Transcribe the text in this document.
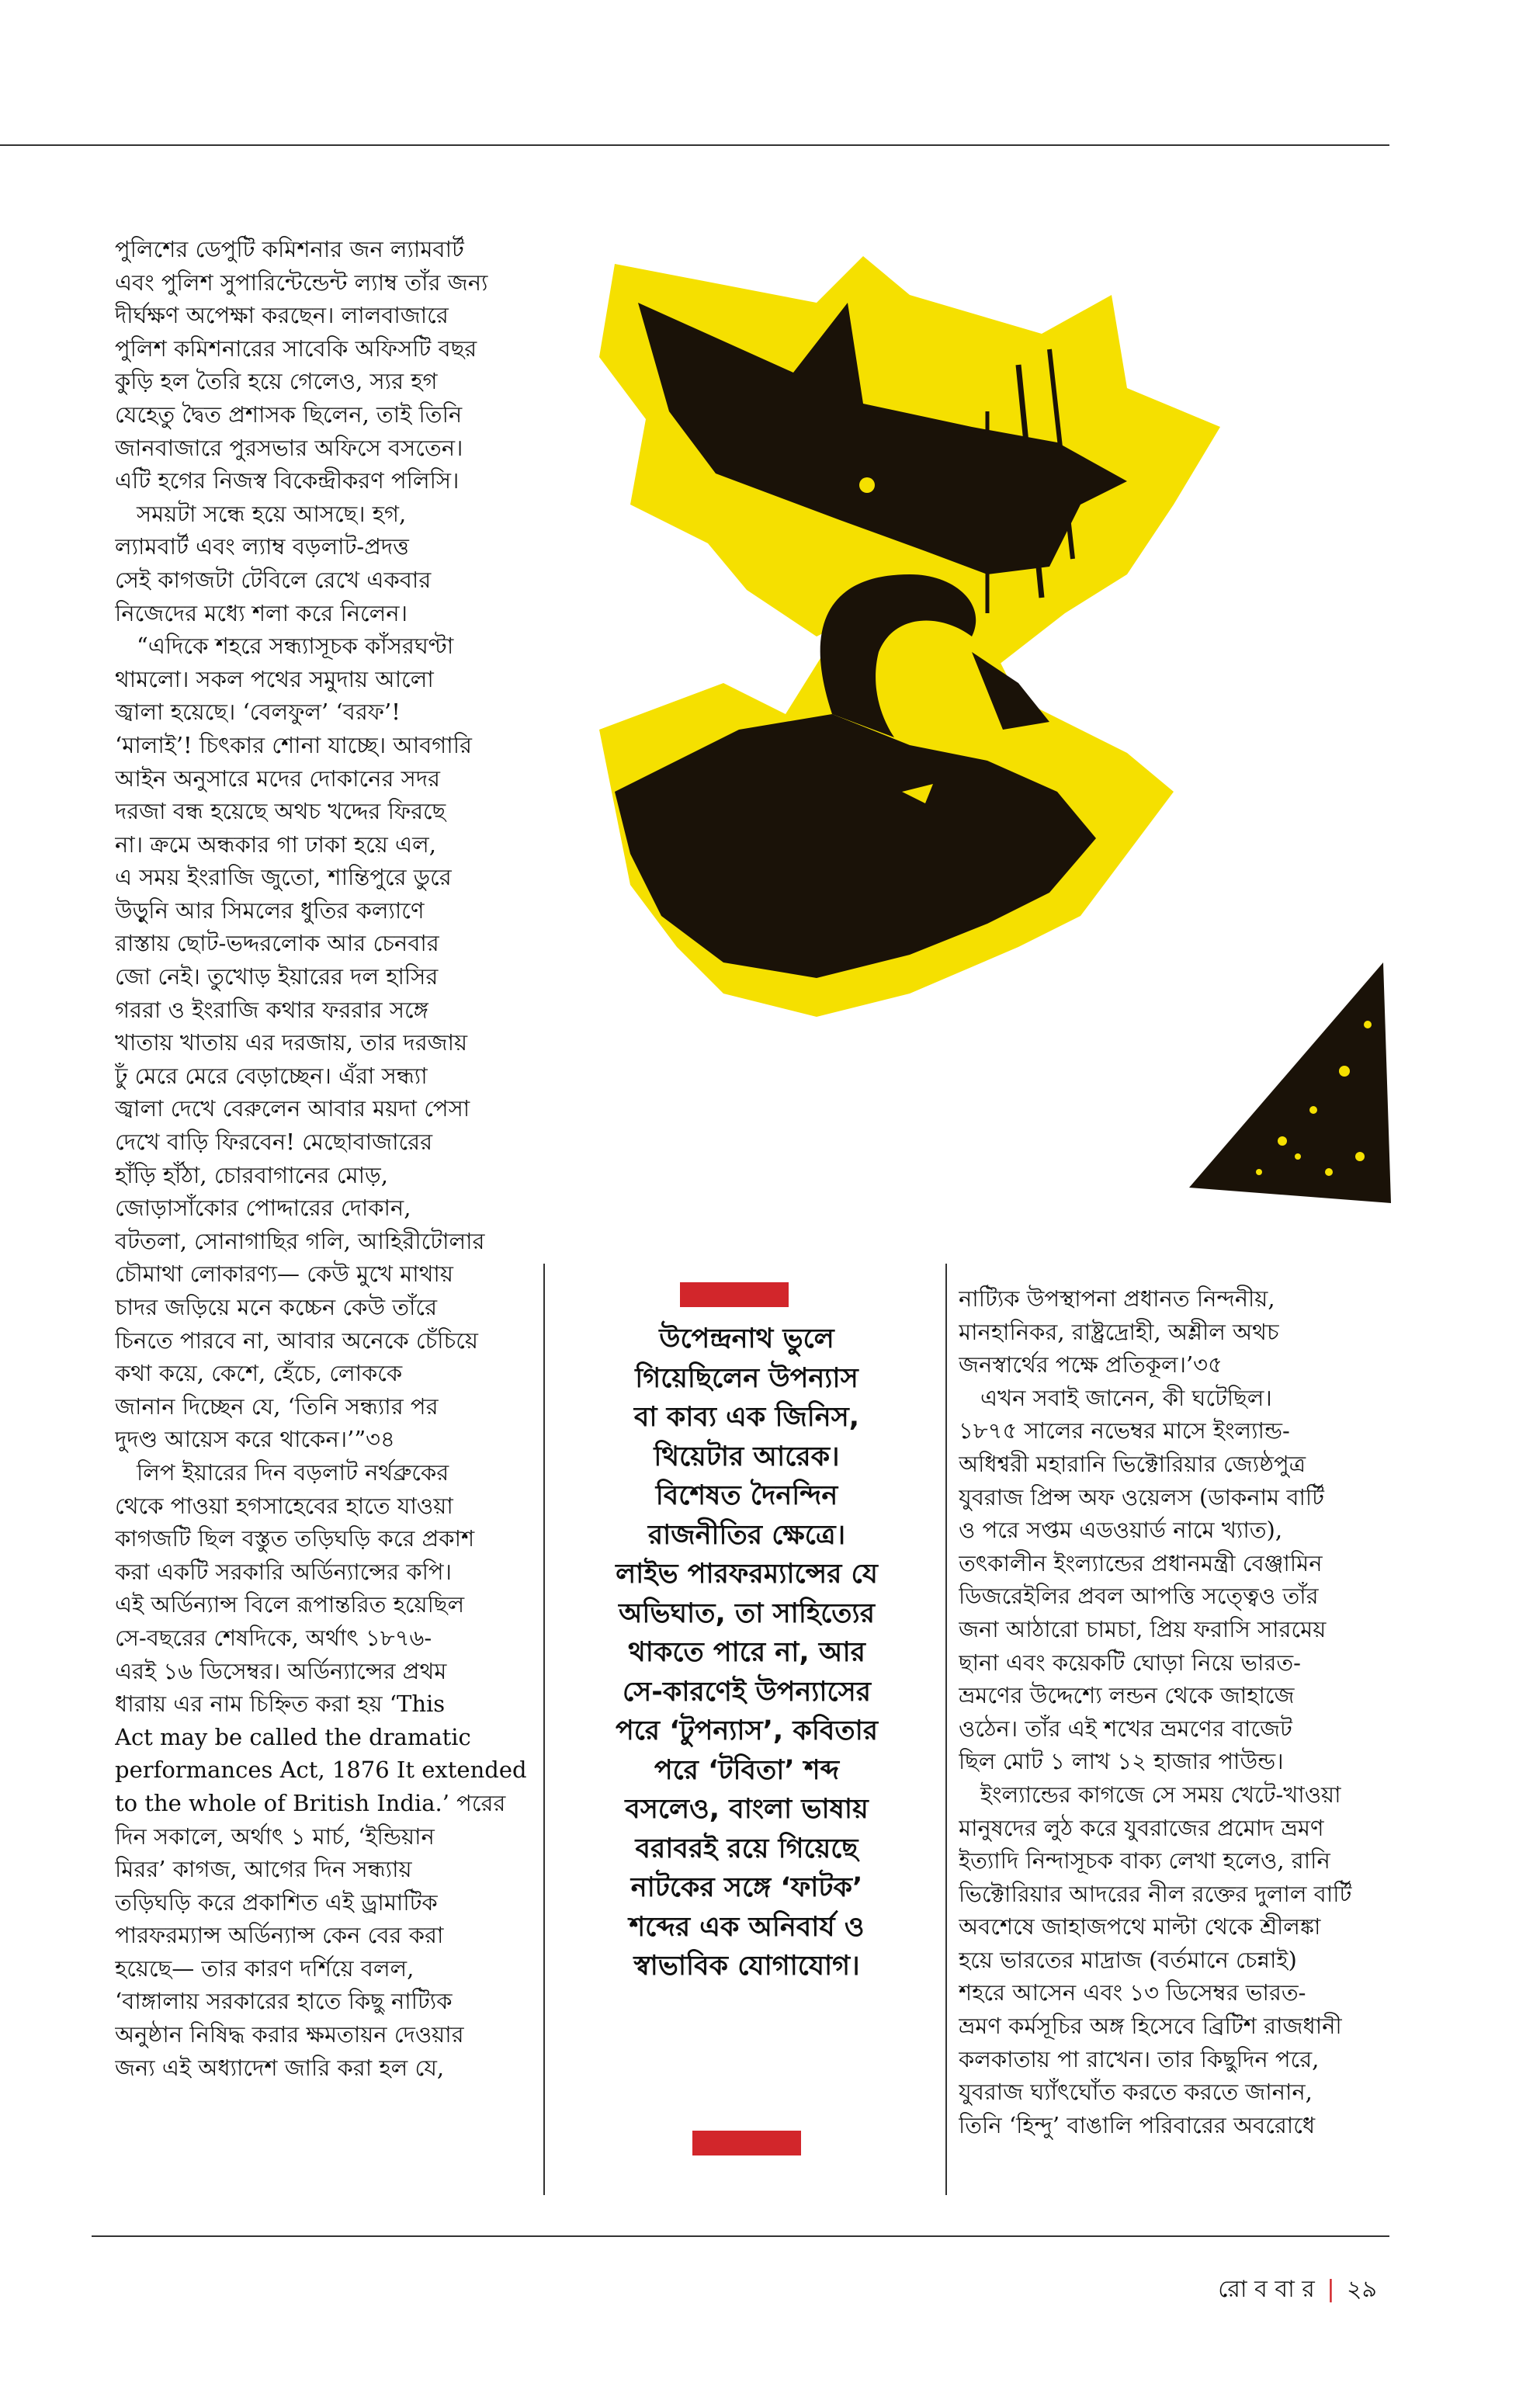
পুলিশের ডেপুটি কমিশনার জন ল্যামবার্ট
এবং পুলিশ সুপারিন্টেন্ডেন্ট ল্যাম্ব তাঁর জন্য
দীর্ঘক্ষণ অপেক্ষা করছেন। লালবাজারে
পুলিশ কমিশনারের সাবেকি অফিসটি বছর
কুড়ি হল তৈরি হয়ে গেলেও, স্যর হগ
যেহেতু দ্বৈত প্রশাসক ছিলেন, তাই তিনি
জানবাজারে পুরসভার অফিসে বসতেন।
এটি হগের নিজস্ব বিকেন্দ্রীকরণ পলিসি।
সময়টা সন্ধে হয়ে আসছে। হগ,
ল্যামবার্ট এবং ল্যাম্ব বড়লাট-প্রদত্ত
সেই কাগজটা টেবিলে রেখে একবার
নিজেদের মধ্যে শলা করে নিলেন।
“এদিকে শহরে সন্ধ্যাসূচক কাঁসরঘণ্টা
থামলো। সকল পথের সমুদায় আলো
জ্বালা হয়েছে। ‘বেলফুল’ ‘বরফ’!
‘মালাই’! চিৎকার শোনা যাচ্ছে। আবগারি
আইন অনুসারে মদের দোকানের সদর
দরজা বন্ধ হয়েছে অথচ খদ্দের ফিরছে
না। ক্রমে অন্ধকার গা ঢাকা হয়ে এল,
এ সময় ইংরাজি জুতো, শান্তিপুরে ডুরে
উড়ুনি আর সিমলের ধুতির কল্যাণে
রাস্তায় ছোট-ভদ্দরলোক আর চেনবার
জো নেই। তুখোড় ইয়ারের দল হাসির
গররা ও ইংরাজি কথার ফররার সঙ্গে
খাতায় খাতায় এর দরজায়, তার দরজায়
ঢুঁ মেরে মেরে বেড়াচ্ছেন। এঁরা সন্ধ্যা
জ্বালা দেখে বেরুলেন আবার ময়দা পেসা
দেখে বাড়ি ফিরবেন! মেছোবাজারের
হাঁড়ি হাঁঠা, চোরবাগানের মোড়,
জোড়াসাঁকোর পোদ্দারের দোকান,
বটতলা, সোনাগাছির গলি, আহিরীটোলার
চৌমাথা লোকারণ্য— কেউ মুখে মাথায়
চাদর জড়িয়ে মনে কচ্চেন কেউ তাঁরে
চিনতে পারবে না, আবার অনেকে চেঁচিয়ে
কথা কয়ে, কেশে, হেঁচে, লোককে
জানান দিচ্ছেন যে, ‘তিনি সন্ধ্যার পর
দুদণ্ড আয়েস করে থাকেন।’”৩৪
লিপ ইয়ারের দিন বড়লাট নর্থব্রুকের
থেকে পাওয়া হগসাহেবের হাতে যাওয়া
কাগজটি ছিল বস্তুত তড়িঘড়ি করে প্রকাশ
করা একটি সরকারি অর্ডিন্যান্সের কপি।
এই অর্ডিন্যান্স বিলে রূপান্তরিত হয়েছিল
সে-বছরের শেষদিকে, অর্থাৎ ১৮৭৬-
এরই ১৬ ডিসেম্বর। অর্ডিন্যান্সের প্রথম
ধারায় এর নাম চিহ্নিত করা হয় ‘This
Act may be called the dramatic
performances Act, 1876 It extended
to the whole of British India.’ পরের
দিন সকালে, অর্থাৎ ১ মার্চ, ‘ইন্ডিয়ান
মিরর’ কাগজ, আগের দিন সন্ধ্যায়
তড়িঘড়ি করে প্রকাশিত এই ড্রামাটিক
পারফরম্যান্স অর্ডিন্যান্স কেন বের করা
হয়েছে— তার কারণ দর্শিয়ে বলল,
‘বাঙ্গালায় সরকারের হাতে কিছু নাট্যিক
অনুষ্ঠান নিষিদ্ধ করার ক্ষমতায়ন দেওয়ার
জন্য এই অধ্যাদেশ জারি করা হল যে,
উপেন্দ্রনাথ ভুলে
গিয়েছিলেন উপন্যাস
বা কাব্য এক জিনিস,
থিয়েটার আরেক।
বিশেষত দৈনন্দিন
রাজনীতির ক্ষেত্রে।
লাইভ পারফরম্যান্সের যে
অভিঘাত, তা সাহিত্যের
থাকতে পারে না, আর
সে-কারণেই উপন্যাসের
পরে ‘টুপন্যাস’, কবিতার
পরে ‘টবিতা’ শব্দ
বসলেও, বাংলা ভাষায়
বরাবরই রয়ে গিয়েছে
নাটকের সঙ্গে ‘ফাটক’
শব্দের এক অনিবার্য ও
স্বাভাবিক যোগাযোগ।
নাট্যিক উপস্থাপনা প্রধানত নিন্দনীয়,
মানহানিকর, রাষ্ট্রদ্রোহী, অশ্লীল অথচ
জনস্বার্থের পক্ষে প্রতিকূল।’৩৫
এখন সবাই জানেন, কী ঘটেছিল।
১৮৭৫ সালের নভেম্বর মাসে ইংল্যান্ড-
অধিশ্বরী মহারানি ভিক্টোরিয়ার জ্যেষ্ঠপুত্র
যুবরাজ প্রিন্স অফ ওয়েলস (ডাকনাম বার্টি
ও পরে সপ্তম এডওয়ার্ড নামে খ্যাত),
তৎকালীন ইংল্যান্ডের প্রধানমন্ত্রী বেঞ্জামিন
ডিজরেইলির প্রবল আপত্তি সত্ত্বেও তাঁর
জনা আঠারো চামচা, প্রিয় ফরাসি সারমেয়
ছানা এবং কয়েকটি ঘোড়া নিয়ে ভারত-
ভ্রমণের উদ্দেশ্যে লন্ডন থেকে জাহাজে
ওঠেন। তাঁর এই শখের ভ্রমণের বাজেট
ছিল মোট ১ লাখ ১২ হাজার পাউন্ড।
ইংল্যান্ডের কাগজে সে সময় খেটে-খাওয়া
মানুষদের লুঠ করে যুবরাজের প্রমোদ ভ্রমণ
ইত্যাদি নিন্দাসূচক বাক্য লেখা হলেও, রানি
ভিক্টোরিয়ার আদরের নীল রক্তের দুলাল বার্টি
অবশেষে জাহাজপথে মাল্টা থেকে শ্রীলঙ্কা
হয়ে ভারতের মাদ্রাজ (বর্তমানে চেন্নাই)
শহরে আসেন এবং ১৩ ডিসেম্বর ভারত-
ভ্রমণ কর্মসূচির অঙ্গ হিসেবে ব্রিটিশ রাজধানী
কলকাতায় পা রাখেন। তার কিছুদিন পরে,
যুবরাজ ঘ্যাঁৎঘোঁত করতে করতে জানান,
তিনি ‘হিন্দু’ বাঙালি পরিবারের অবরোধে
রো ব বা র | ২৯
